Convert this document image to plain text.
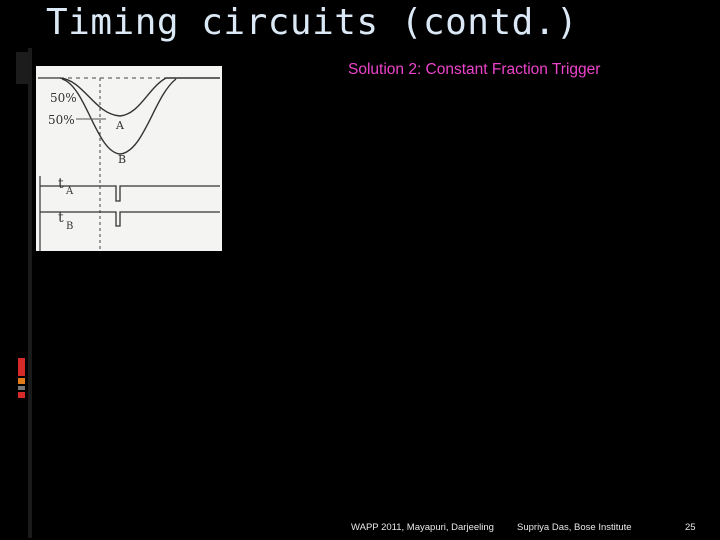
Timing circuits (contd.)
Solution 2: Constant Fraction Trigger
50%
50%	A
B
t A
t
B
WAPP 2011, Mayapuri, Darjeeling Supriya Das, Bose Institute	25
